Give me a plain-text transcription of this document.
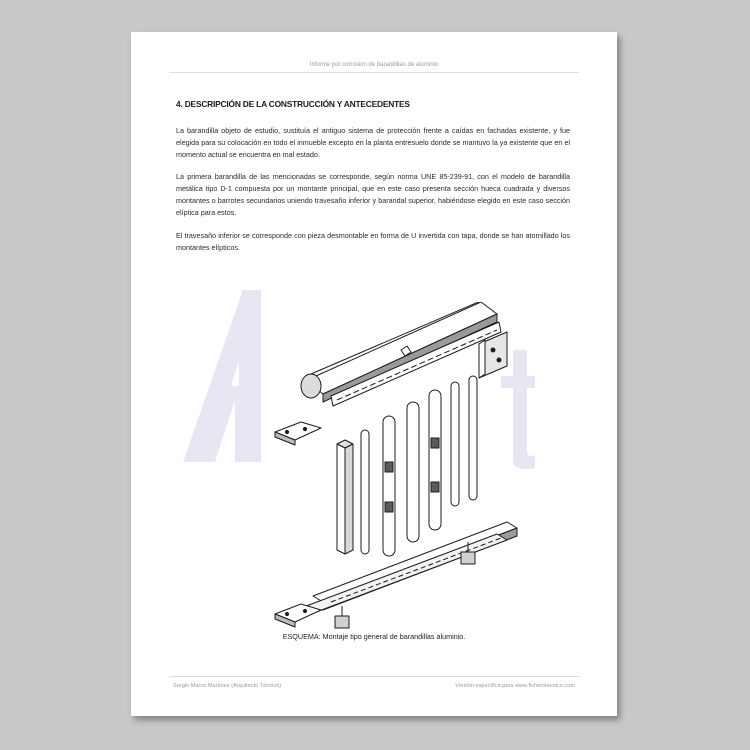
Informe por corrosión de barandillas de aluminio
4. DESCRIPCIÓN DE LA CONSTRUCCIÓN Y ANTECEDENTES

La barandilla objeto de estudio, sustituía el antiguo sistema de protección frente a caídas en fachadas existente, y fue elegida para su colocación en todo el inmueble excepto en la planta entresuelo donde se mantuvo la ya existente que en el momento actual se encuentra en mal estado.

La primera barandilla de las mencionadas se corresponde, según norma UNE 85-239-91, con el modelo de barandilla metálica tipo D-1 compuesta por un montante principal, que en este caso presenta sección hueca cuadrada y diversos montantes o barrotes secundarios uniendo travesaño inferior y barandal superior, habiéndose elegido en este caso sección elíptica para estos.

El travesaño inferior se corresponde con pieza desmontable en forma de U invertida con tapa, donde se han atornillado los montantes elípticos.

ESQUEMA: Montaje tipo general de barandillas aluminio.
Sergio Marco Martínez (Arquitecto Técnico)	Versión específica para www.ficherotecnico.com
